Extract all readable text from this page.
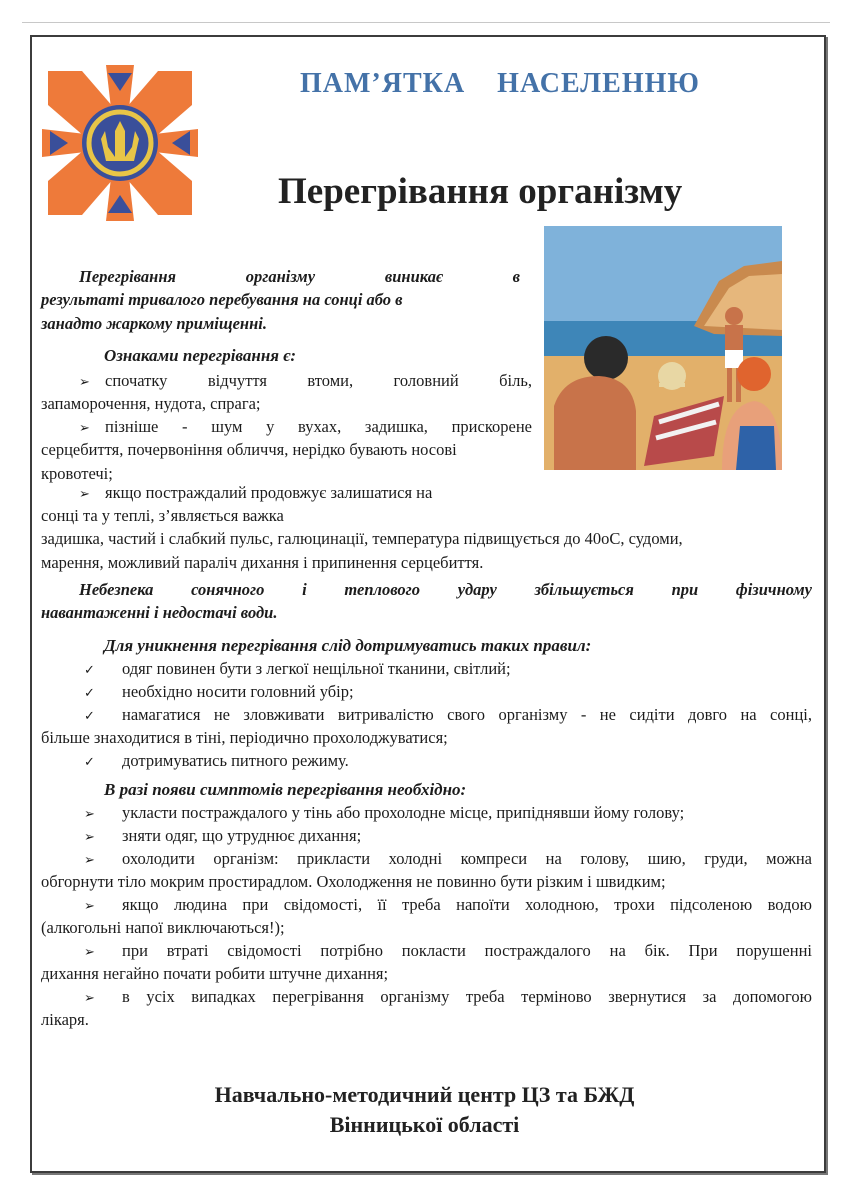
ПАМ’ЯТКА    НАСЕЛЕННЮ
Перегрівання організму

Перегрівання організму виникає в

результаті тривалого перебування на сонці або в
занадто жаркому приміщенні.

Ознаками перегрівання є:

➢ спочатку відчуття втоми, головний біль,

запаморочення, нудота, спрага;

➢ пізніше - шум у вухах, задишка, прискорене

серцебиття, почервоніння обличчя, нерідко бувають носові
кровотечі;

➢ якщо постраждалий продовжує залишатися на

сонці та у теплі, з’являється важка

задишка, частий і слабкий пульс, галюцинації, температура підвищується до 40оС, судоми,
марення, можливий параліч дихання і припинення серцебиття.

Небезпека сонячного і теплового удару збільшується при фізичному

навантаженні і недостачі води.

Для уникнення перегрівання слід дотримуватись таких правил:

✓ одяг повинен бути з легкої нещільної тканини, світлий;

✓ необхідно носити головний убір;

✓ намагатися не зловживати витривалістю свого організму - не сидіти довго на сонці,

більше знаходитися в тіні, періодично прохолоджуватися;

✓ дотримуватись питного режиму.

В разі появи симптомів перегрівання необхідно:

➢ укласти постраждалого у тінь або прохолодне місце, припіднявши йому голову;

➢ зняти одяг, що утруднює дихання;

➢ охолодити організм: прикласти холодні компреси на голову, шию, груди, можна

обгорнути тіло мокрим простирадлом. Охолодження не повинно бути різким і швидким;

➢ якщо людина при свідомості, її треба напоїти холодною, трохи підсоленою водою

(алкогольні напої виключаються!);

➢ при втраті свідомості потрібно покласти постраждалого на бік. При порушенні

дихання негайно почати робити штучне дихання;

➢ в усіх випадках перегрівання організму треба терміново звернутися за допомогою

лікаря.

Навчально-методичний центр ЦЗ та БЖД
Вінницької області
